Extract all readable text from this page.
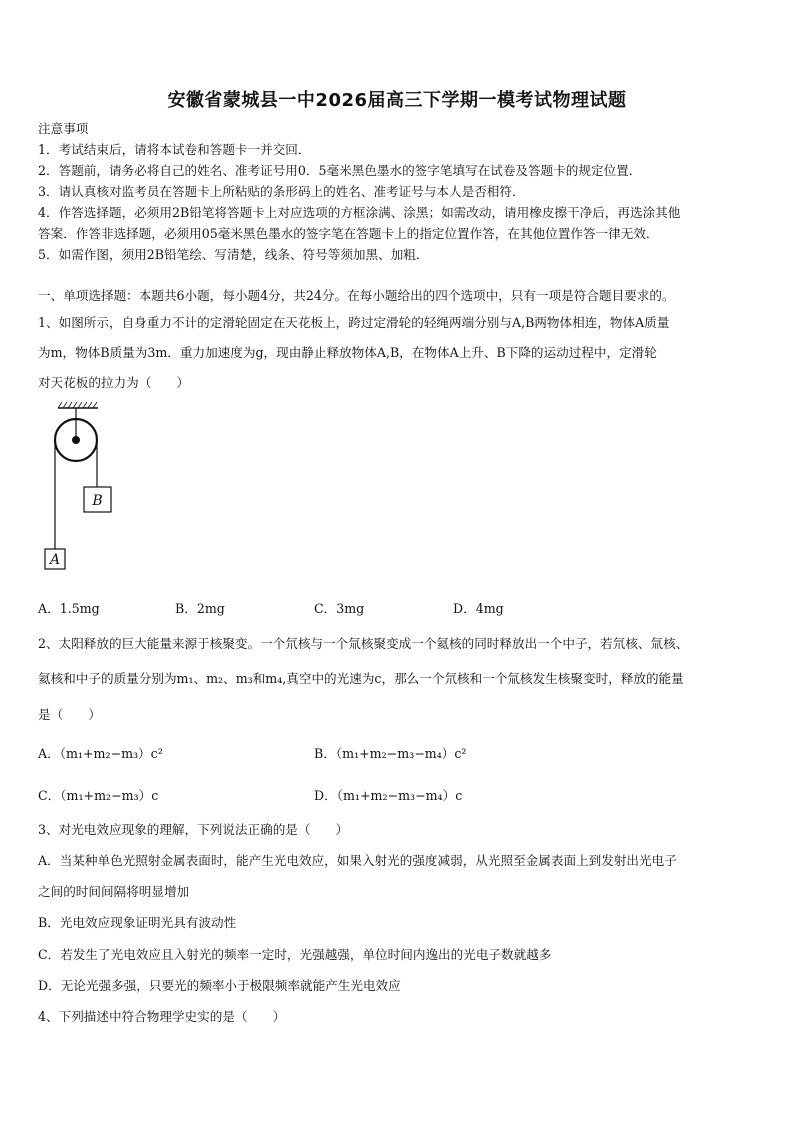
安徽省蒙城县一中2026届高三下学期一模考试物理试题
注意事项
1．考试结束后，请将本试卷和答题卡一并交回．
2．答题前，请务必将自己的姓名、准考证号用0．5毫米黑色墨水的签字笔填写在试卷及答题卡的规定位置．
3．请认真核对监考员在答题卡上所粘贴的条形码上的姓名、准考证号与本人是否相符．
4．作答选择题，必须用2B铅笔将答题卡上对应选项的方框涂满、涂黑；如需改动，请用橡皮擦干净后，再选涂其他
答案．作答非选择题，必须用05毫米黑色墨水的签字笔在答题卡上的指定位置作答，在其他位置作答一律无效．
5．如需作图，须用2B铅笔绘、写清楚，线条、符号等须加黑、加粗．
一、单项选择题：本题共6小题，每小题4分，共24分。在每小题给出的四个选项中，只有一项是符合题目要求的。
1、如图所示，自身重力不计的定滑轮固定在天花板上，跨过定滑轮的轻绳两端分别与A,B两物体相连，物体A质量
为m，物体B质量为3m．重力加速度为g，现由静止释放物体A,B，在物体A上升、B下降的运动过程中，定滑轮
对天花板的拉力为（　　）
B
A
A．1.5mg	B．2mg	C．3mg	D．4mg
2、太阳释放的巨大能量来源于核聚变。一个氘核与一个氚核聚变成一个氦核的同时释放出一个中子，若氘核、氚核、
氦核和中子的质量分别为m₁、m₂、m₃和m₄,真空中的光速为c，那么一个氘核和一个氚核发生核聚变时，释放的能量
是（　　）
A．（m₁+m₂−m₃）c²	B．（m₁+m₂−m₃−m₄）c²
C．（m₁+m₂−m₃）c	D．（m₁+m₂−m₃−m₄）c
3、对光电效应现象的理解，下列说法正确的是（　　）
A．当某种单色光照射金属表面时，能产生光电效应，如果入射光的强度减弱，从光照至金属表面上到发射出光电子
之间的时间间隔将明显增加
B．光电效应现象证明光具有波动性
C．若发生了光电效应且入射光的频率一定时，光强越强，单位时间内逸出的光电子数就越多
D．无论光强多强，只要光的频率小于极限频率就能产生光电效应
4、下列描述中符合物理学史实的是（　　）
